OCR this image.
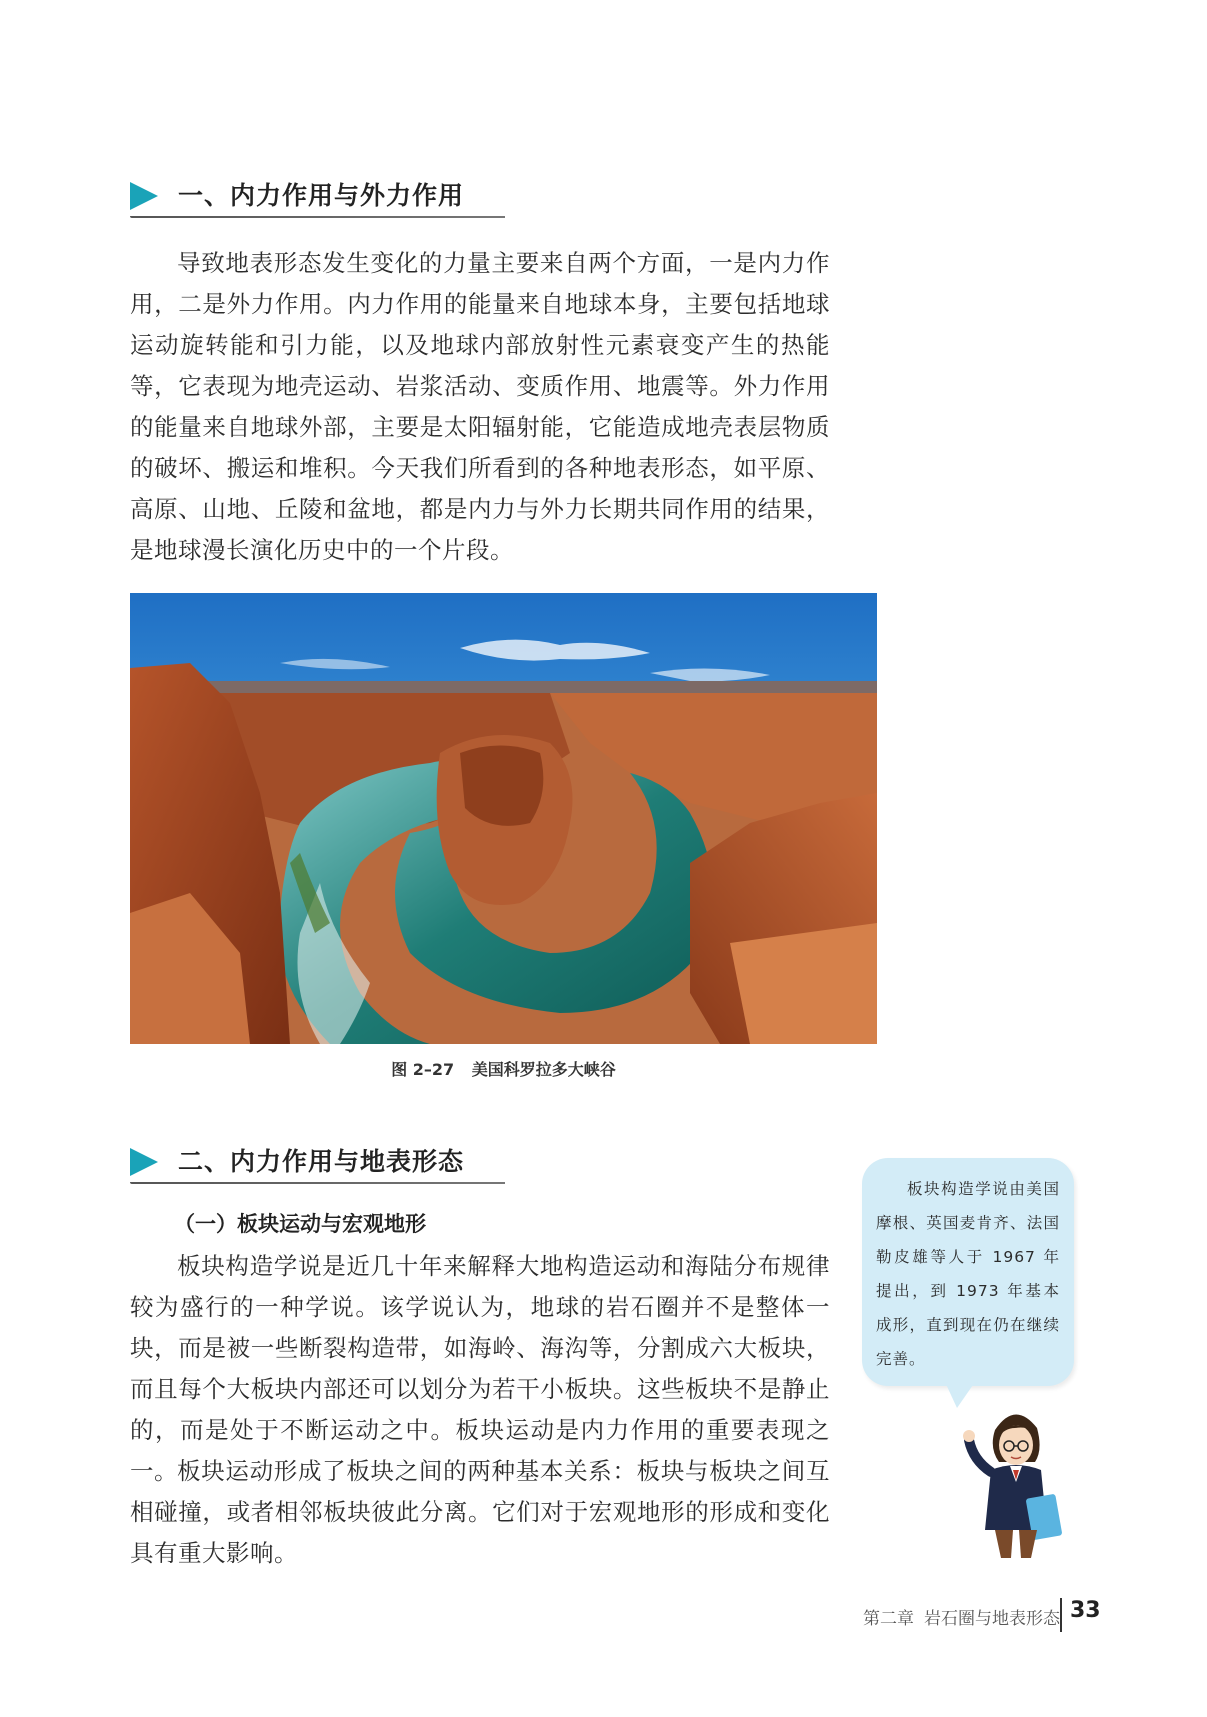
一、内力作用与外力作用

导致地表形态发生变化的力量主要来自两个方面，一是内力作用，二是外力作用。内力作用的能量来自地球本身，主要包括地球运动旋转能和引力能，以及地球内部放射性元素衰变产生的热能等，它表现为地壳运动、岩浆活动、变质作用、地震等。外力作用的能量来自地球外部，主要是太阳辐射能，它能造成地壳表层物质的破坏、搬运和堆积。今天我们所看到的各种地表形态，如平原、高原、山地、丘陵和盆地，都是内力与外力长期共同作用的结果，是地球漫长演化历史中的一个片段。

图 2–27 美国科罗拉多大峡谷
二、内力作用与地表形态
（一）板块运动与宏观地形

板块构造学说是近几十年来解释大地构造运动和海陆分布规律较为盛行的一种学说。该学说认为，地球的岩石圈并不是整体一块，而是被一些断裂构造带，如海岭、海沟等，分割成六大板块，而且每个大板块内部还可以划分为若干小板块。这些板块不是静止的，而是处于不断运动之中。板块运动是内力作用的重要表现之一。 板块运动形成了板块之间的两种基本关系：板块与板块之间互相碰撞，或者相邻板块彼此分离。它们对于宏观地形的形成和变化具有重大影响。

板块构造学说由美国摩根、英国麦肯齐、法国勒皮雄等人于 1967 年提出，到 1973 年基本成形，直到现在仍在继续完善。

第二章 岩石圈与地表形态 33
